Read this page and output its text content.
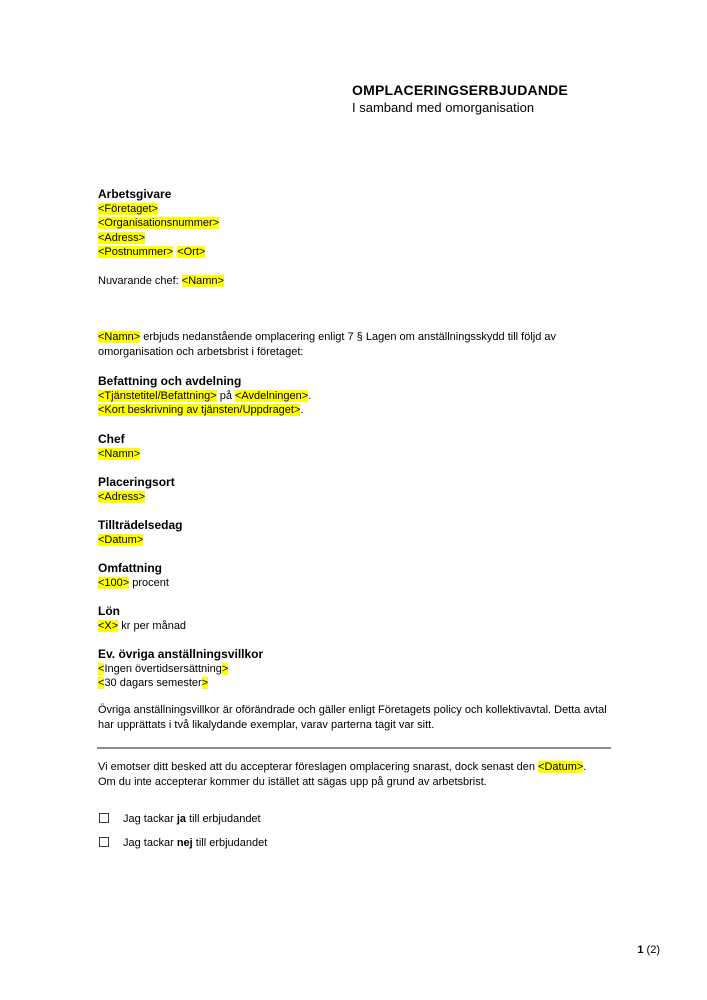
OMPLACERINGSERBJUDANDE
I samband med omorganisation
Arbetsgivare
<Företaget>
<Organisationsnummer>
<Adress>
<Postnummer> <Ort>
Nuvarande chef: <Namn>
<Namn> erbjuds nedanstående omplacering enligt 7 § Lagen om anställningsskydd till följd av omorganisation och arbetsbrist i företaget:
Befattning och avdelning
<Tjänstetitel/Befattning> på <Avdelningen>.
<Kort beskrivning av tjänsten/Uppdraget>.
Chef
<Namn>
Placeringsort
<Adress>
Tillträdelsedag
<Datum>
Omfattning
<100> procent
Lön
<X> kr per månad
Ev. övriga anställningsvillkor
<Ingen övertidsersättning>
<30 dagars semester>
Övriga anställningsvillkor är oförändrade och gäller enligt Företagets policy och kollektivavtal. Detta avtal har upprättats i två likalydande exemplar, varav parterna tagit var sitt.
Vi emotser ditt besked att du accepterar föreslagen omplacering snarast, dock senast den <Datum>. Om du inte accepterar kommer du istället att sägas upp på grund av arbetsbrist.
Jag tackar ja till erbjudandet
Jag tackar nej till erbjudandet
1 (2)
